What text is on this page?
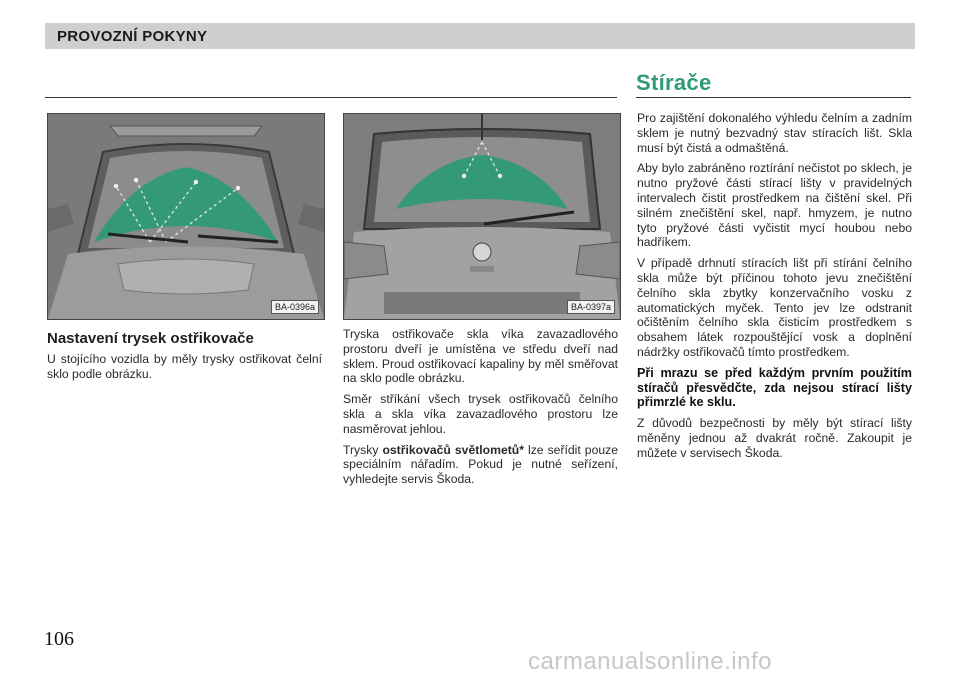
PROVOZNÍ POKYNY
Stírače
BA-0396a	BA-0397a
Nastavení trysek ostřikovače

U stojícího vozidla by měly trysky ostřikovat čelní sklo podle obrázku.

Tryska ostřikovače skla víka zavazadlového prostoru dveří je umístěna ve středu dveří nad sklem. Proud ostřikovací kapaliny by měl směřovat na sklo podle obrázku.

Směr stříkání všech trysek ostřikovačů čelního skla a skla víka zavazadlového prostoru lze nasměrovat jehlou.

Trysky ostřikovačů světlometů* lze seřídit pouze speciálním nářadím. Pokud je nutné seřízení, vyhledejte servis Škoda.

Pro zajištění dokonalého výhledu čelním a zadním sklem je nutný bezvadný stav stíracích lišt. Skla musí být čistá a odmaštěná.

Aby bylo zabráněno roztírání nečistot po sklech, je nutno pryžové části stírací lišty v pravidelných intervalech čistit prostředkem na čištění skel. Při silném znečištění skel, např. hmyzem, je nutno tyto pryžové části vyčistit mycí houbou nebo hadříkem.

V případě drhnutí stíracích lišt při stírání čelního skla může být příčinou tohoto jevu znečištění čelního skla zbytky konzervačního vosku z automatických myček. Tento jev lze odstranit očištěním čelního skla čisticím prostředkem s obsahem látek rozpouštějící vosk a doplnění nádržky ostřikovačů tímto prostředkem.

Při mrazu se před každým prvním použitím stíračů přesvědčte, zda nejsou stírací lišty přimrzlé ke sklu.

Z důvodů bezpečnosti by měly být stírací lišty měněny jednou až dvakrát ročně. Zakoupit je můžete v servisech Škoda.

106
carmanualsonline.info
